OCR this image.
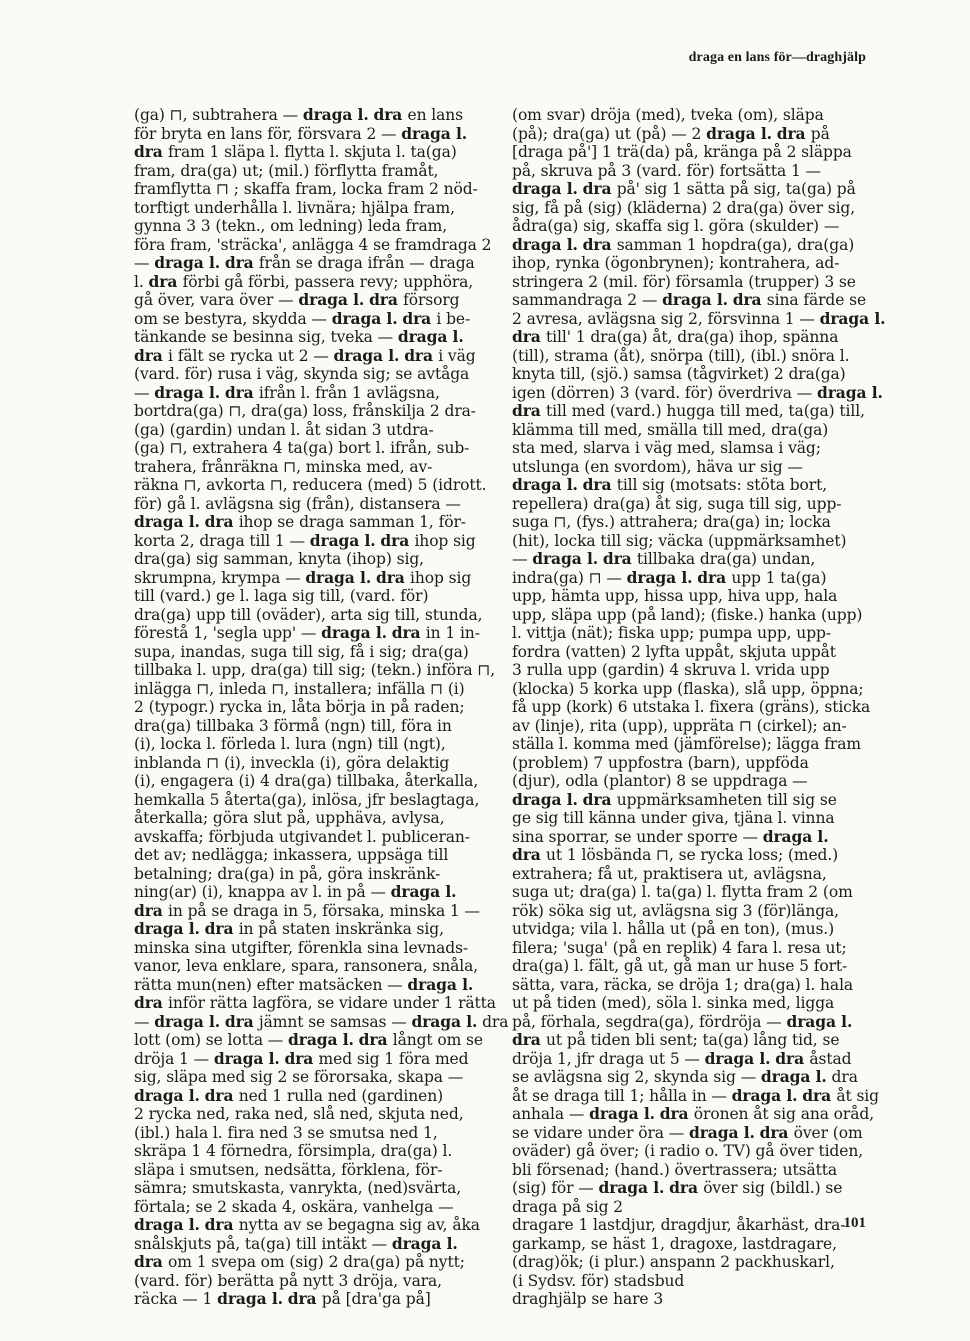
draga en lans för—draghjälp
(ga) ⊓, subtrahera — draga l. dra en lans
för bryta en lans för, försvara 2 — draga l.
dra fram 1 släpa l. flytta l. skjuta l. ta(ga)
fram, dra(ga) ut; (mil.) förflytta framåt,
framflytta ⊓ ; skaffa fram, locka fram 2 nöd-
torftigt underhålla l. livnära; hjälpa fram,
gynna 3 3 (tekn., om ledning) leda fram,
föra fram, 'sträcka', anlägga 4 se framdraga 2
— draga l. dra från se draga ifrån — draga
l. dra förbi gå förbi, passera revy; upphöra,
gå över, vara över — draga l. dra försorg
om se bestyra, skydda — draga l. dra i be-
tänkande se besinna sig, tveka — draga l.
dra i fält se rycka ut 2 — draga l. dra i väg
(vard. för) rusa i väg, skynda sig; se avtåga
— draga l. dra ifrån l. från 1 avlägsna,
bortdra(ga) ⊓, dra(ga) loss, frånskilja 2 dra-
(ga) (gardin) undan l. åt sidan 3 utdra-
(ga) ⊓, extrahera 4 ta(ga) bort l. ifrån, sub-
trahera, frånräkna ⊓, minska med, av-
räkna ⊓, avkorta ⊓, reducera (med) 5 (idrott.
för) gå l. avlägsna sig (från), distansera —
draga l. dra ihop se draga samman 1, för-
korta 2, draga till 1 — draga l. dra ihop sig
dra(ga) sig samman, knyta (ihop) sig,
skrumpna, krympa — draga l. dra ihop sig
till (vard.) ge l. laga sig till, (vard. för)
dra(ga) upp till (oväder), arta sig till, stunda,
förestå 1, 'segla upp' — draga l. dra in 1 in-
supa, inandas, suga till sig, få i sig; dra(ga)
tillbaka l. upp, dra(ga) till sig; (tekn.) införa ⊓,
inlägga ⊓, inleda ⊓, installera; infälla ⊓ (i)
2 (typogr.) rycka in, låta börja in på raden;
dra(ga) tillbaka 3 förmå (ngn) till, föra in
(i), locka l. förleda l. lura (ngn) till (ngt),
inblanda ⊓ (i), inveckla (i), göra delaktig
(i), engagera (i) 4 dra(ga) tillbaka, återkalla,
hemkalla 5 återta(ga), inlösa, jfr beslagtaga,
återkalla; göra slut på, upphäva, avlysa,
avskaffa; förbjuda utgivandet l. publiceran-
det av; nedlägga; inkassera, uppsäga till
betalning; dra(ga) in på, göra inskränk-
ning(ar) (i), knappa av l. in på — draga l.
dra in på se draga in 5, försaka, minska 1 —
draga l. dra in på staten inskränka sig,
minska sina utgifter, förenkla sina levnads-
vanor, leva enklare, spara, ransonera, snåla,
rätta mun(nen) efter matsäcken — draga l.
dra inför rätta lagföra, se vidare under 1 rätta
— draga l. dra jämnt se samsas — draga l. dra
lott (om) se lotta — draga l. dra långt om se
dröja 1 — draga l. dra med sig 1 föra med
sig, släpa med sig 2 se förorsaka, skapa —
draga l. dra ned 1 rulla ned (gardinen)
2 rycka ned, raka ned, slå ned, skjuta ned,
(ibl.) hala l. fira ned 3 se smutsa ned 1,
skräpa 1 4 förnedra, försimpla, dra(ga) l.
släpa i smutsen, nedsätta, förklena, för-
sämra; smutskasta, vanrykta, (ned)svärta,
förtala; se 2 skada 4, oskära, vanhelga —
draga l. dra nytta av se begagna sig av, åka
snålskjuts på, ta(ga) till intäkt — draga l.
dra om 1 svepa om (sig) 2 dra(ga) på nytt;
(vard. för) berätta på nytt 3 dröja, vara,
räcka — 1 draga l. dra på [dra'ga på]
(om svar) dröja (med), tveka (om), släpa
(på); dra(ga) ut (på) — 2 draga l. dra på
[draga på'] 1 trä(da) på, kränga på 2 släppa
på, skruva på 3 (vard. för) fortsätta 1 —
draga l. dra på' sig 1 sätta på sig, ta(ga) på
sig, få på (sig) (kläderna) 2 dra(ga) över sig,
ådra(ga) sig, skaffa sig l. göra (skulder) —
draga l. dra samman 1 hopdra(ga), dra(ga)
ihop, rynka (ögonbrynen); kontrahera, ad-
stringera 2 (mil. för) församla (trupper) 3 se
sammandraga 2 — draga l. dra sina färde se
2 avresa, avlägsna sig 2, försvinna 1 — draga l.
dra till' 1 dra(ga) åt, dra(ga) ihop, spänna
(till), strama (åt), snörpa (till), (ibl.) snöra l.
knyta till, (sjö.) samsa (tågvirket) 2 dra(ga)
igen (dörren) 3 (vard. för) överdriva — draga l.
dra till med (vard.) hugga till med, ta(ga) till,
klämma till med, smälla till med, dra(ga)
sta med, slarva i väg med, slamsa i väg;
utslunga (en svordom), häva ur sig —
draga l. dra till sig (motsats: stöta bort,
repellera) dra(ga) åt sig, suga till sig, upp-
suga ⊓, (fys.) attrahera; dra(ga) in; locka
(hit), locka till sig; väcka (uppmärksamhet)
— draga l. dra tillbaka dra(ga) undan,
indra(ga) ⊓ — draga l. dra upp 1 ta(ga)
upp, hämta upp, hissa upp, hiva upp, hala
upp, släpa upp (på land); (fiske.) hanka (upp)
l. vittja (nät); fiska upp; pumpa upp, upp-
fordra (vatten) 2 lyfta uppåt, skjuta uppåt
3 rulla upp (gardin) 4 skruva l. vrida upp
(klocka) 5 korka upp (flaska), slå upp, öppna;
få upp (kork) 6 utstaka l. fixera (gräns), sticka
av (linje), rita (upp), uppräta ⊓ (cirkel); an-
ställa l. komma med (jämförelse); lägga fram
(problem) 7 uppfostra (barn), uppföda
(djur), odla (plantor) 8 se uppdraga —
draga l. dra uppmärksamheten till sig se
ge sig till känna under giva, tjäna l. vinna
sina sporrar, se under sporre — draga l.
dra ut 1 lösbända ⊓, se rycka loss; (med.)
extrahera; få ut, praktisera ut, avlägsna,
suga ut; dra(ga) l. ta(ga) l. flytta fram 2 (om
rök) söka sig ut, avlägsna sig 3 (för)länga,
utvidga; vila l. hålla ut (på en ton), (mus.)
filera; 'suga' (på en replik) 4 fara l. resa ut;
dra(ga) l. fält, gå ut, gå man ur huse 5 fort-
sätta, vara, räcka, se dröja 1; dra(ga) l. hala
ut på tiden (med), söla l. sinka med, ligga
på, förhala, segdra(ga), fördröja — draga l.
dra ut på tiden bli sent; ta(ga) lång tid, se
dröja 1, jfr draga ut 5 — draga l. dra åstad
se avlägsna sig 2, skynda sig — draga l. dra
åt se draga till 1; hålla in — draga l. dra åt sig
anhala — draga l. dra öronen åt sig ana oråd,
se vidare under öra — draga l. dra över (om
oväder) gå över; (i radio o. TV) gå över tiden,
bli försenad; (hand.) övertrassera; utsätta
(sig) för — draga l. dra över sig (bildl.) se
draga på sig 2
dragare 1 lastdjur, dragdjur, åkarhäst, dra-
garkamp, se häst 1, dragoxe, lastdragare,
(drag)ök; (i plur.) anspann 2 packhuskarl,
(i Sydsv. för) stadsbud
draghjälp se hare 3
101
